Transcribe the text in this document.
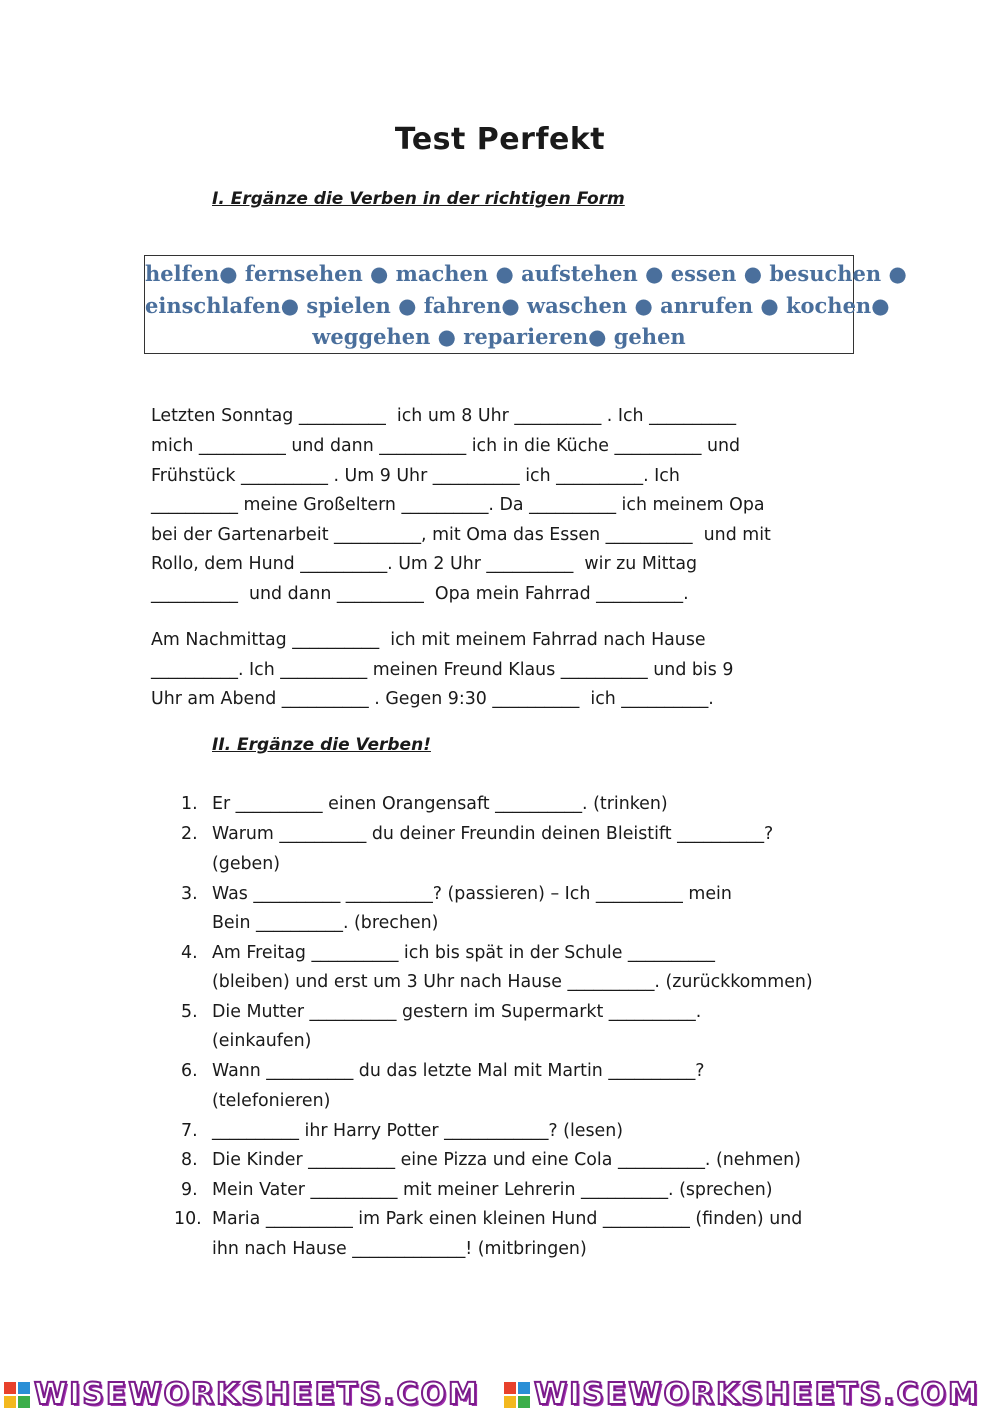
Test Perfekt
I. Ergänze die Verben in der richtigen Form
helfen● fernsehen ● machen ● aufstehen ● essen ● besuchen ●
einschlafen● spielen ● fahren● waschen ● anrufen ● kochen●
weggehen ● reparieren● gehen
Letzten Sonntag __________  ich um 8 Uhr __________ . Ich __________
mich __________ und dann __________ ich in die Küche __________ und
Frühstück __________ . Um 9 Uhr __________ ich __________. Ich
__________ meine Großeltern __________. Da __________ ich meinem Opa
bei der Gartenarbeit __________, mit Oma das Essen __________  und mit
Rollo, dem Hund __________. Um 2 Uhr __________  wir zu Mittag
__________  und dann __________  Opa mein Fahrrad __________.
Am Nachmittag __________  ich mit meinem Fahrrad nach Hause
__________. Ich __________ meinen Freund Klaus __________ und bis 9
Uhr am Abend __________ . Gegen 9:30 __________  ich __________.
II. Ergänze die Verben!

1.

Er __________ einen Orangensaft __________. (trinken)

2.

Warum __________ du deiner Freundin deinen Bleistift __________?

(geben)

3.

Was __________ __________? (passieren) – Ich __________ mein

Bein __________. (brechen)

4.

Am Freitag __________ ich bis spät in der Schule __________

(bleiben) und erst um 3 Uhr nach Hause __________. (zurückkommen)

5.

Die Mutter __________ gestern im Supermarkt __________.

(einkaufen)

6.

Wann __________ du das letzte Mal mit Martin __________?

(telefonieren)

7.

__________ ihr Harry Potter ____________? (lesen)

8.

Die Kinder __________ eine Pizza und eine Cola __________. (nehmen)

9.

Mein Vater __________ mit meiner Lehrerin __________. (sprechen)

10.

Maria __________ im Park einen kleinen Hund __________ (finden) und

ihn nach Hause _____________! (mitbringen)
WISEWORKSHEETS.COM	WISEWORKSHEETS.COM
